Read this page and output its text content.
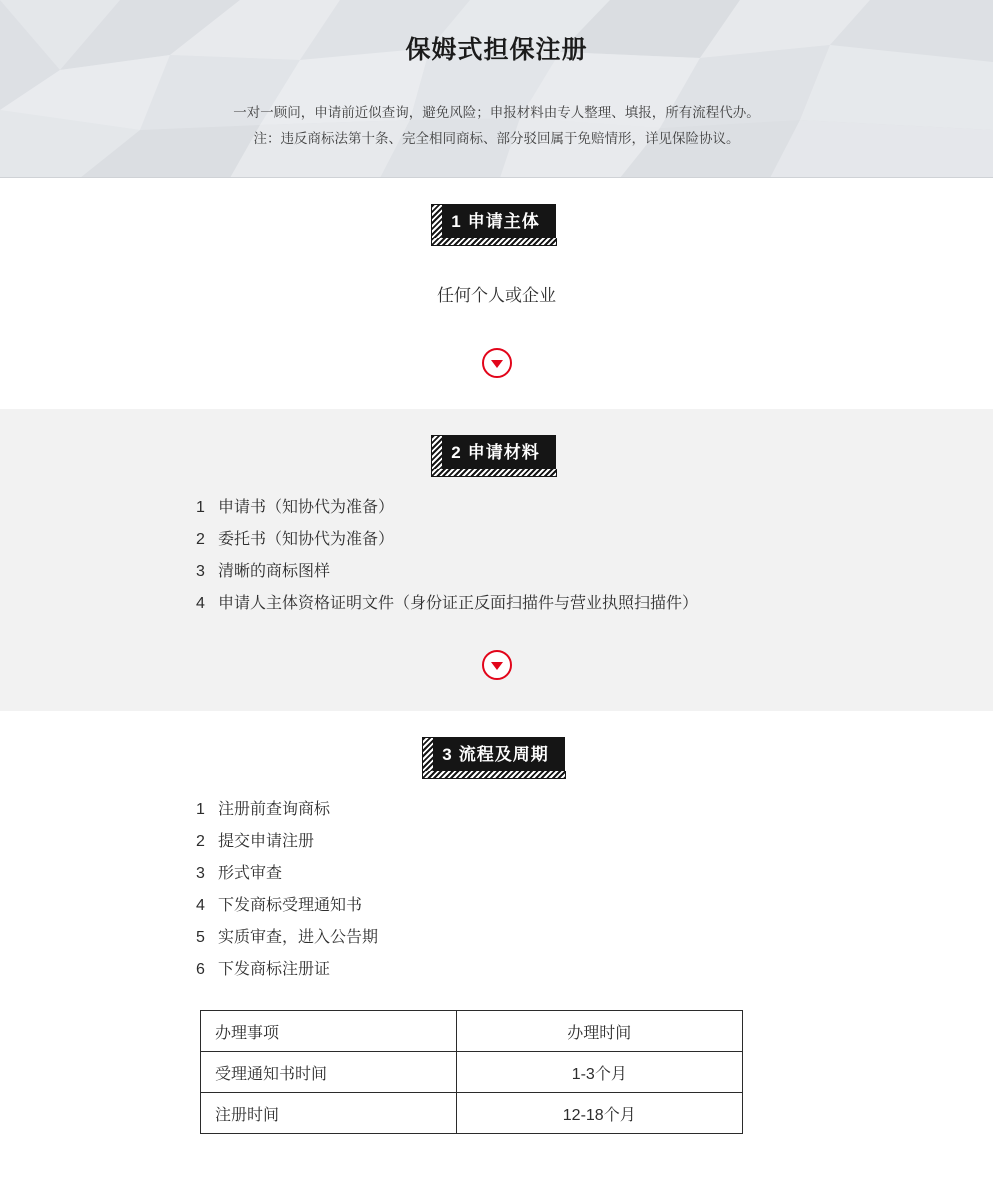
保姆式担保注册

一对一顾问，申请前近似查询，避免风险；申报材料由专人整理、填报，所有流程代办。

注：违反商标法第十条、完全相同商标、部分驳回属于免赔情形，详见保险协议。

1 申请主体
任何个人或企业
2 申请材料
1 申请书（知协代为准备）
2 委托书（知协代为准备）
3 清晰的商标图样
4 申请人主体资格证明文件（身份证正反面扫描件与营业执照扫描件）
3 流程及周期
1 注册前查询商标
2 提交申请注册
3 形式审查
4 下发商标受理通知书
5 实质审查，进入公告期
6 下发商标注册证
办理事项	办理时间
受理通知书时间	1-3个月
注册时间	12-18个月
